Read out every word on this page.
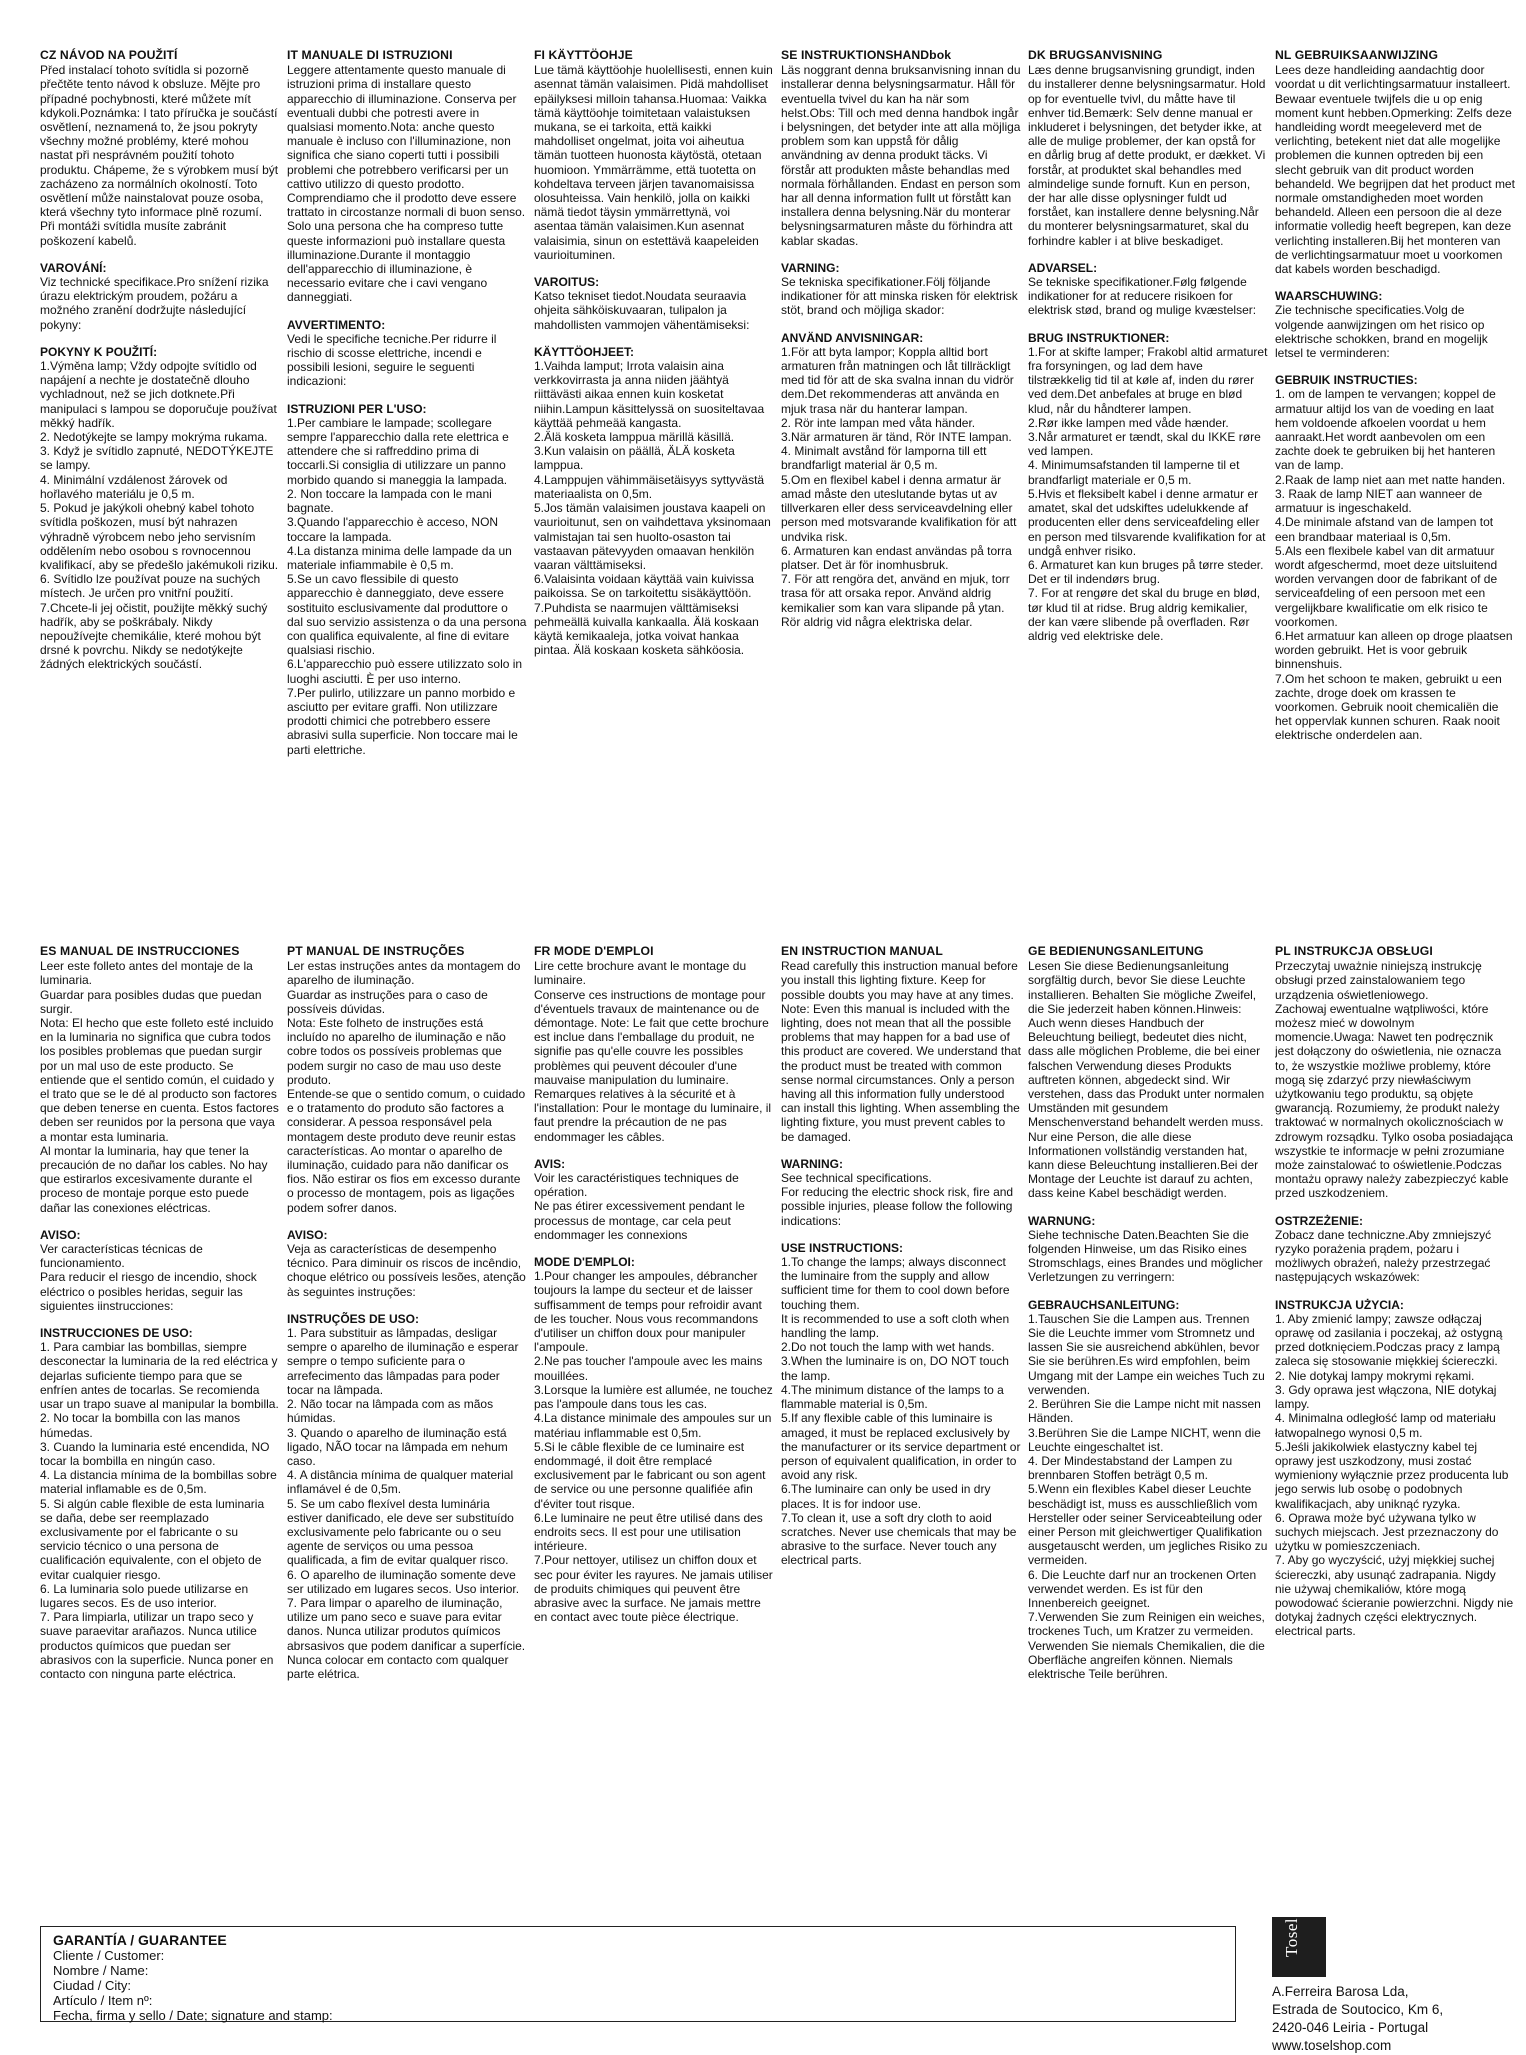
CZ NÁVOD NA POUŽITÍ
Před instalací tohoto svítidla si pozorně přečtěte tento návod k obsluze. Mějte pro případné pochybnosti, které můžete mít kdykoli.Poznámka: I tato příručka je součástí osvětlení, neznamená to, že jsou pokryty všechny možné problémy, které mohou nastat při nesprávném použití tohoto produktu. Chápeme, že s výrobkem musí být zacházeno za normálních okolností. Toto osvětlení může nainstalovat pouze osoba, která všechny tyto informace plně rozumí. Při montáži svítidla musíte zabránit poškození kabelů.
VAROVÁNÍ:
Viz technické specifikace.Pro snížení rizika úrazu elektrickým proudem, požáru a možného zranění dodržujte následující pokyny:
POKYNY K POUŽITÍ:
1.Výměna lamp; Vždy odpojte svítidlo od napájení a nechte je dostatečně dlouho vychladnout, než se jich dotknete.Při manipulaci s lampou se doporučuje používat měkký hadřík.
2. Nedotýkejte se lampy mokrýma rukama.
3. Když je svítidlo zapnuté, NEDOTÝKEJTE se lampy.
4. Minimální vzdálenost žárovek od hořlavého materiálu je 0,5 m.
5. Pokud je jakýkoli ohebný kabel tohoto svítidla poškozen, musí být nahrazen výhradně výrobcem nebo jeho servisním oddělením nebo osobou s rovnocennou kvalifikací, aby se předešlo jakémukoli riziku.
6. Svítidlo lze používat pouze na suchých místech. Je určen pro vnitřní použití.
7.Chcete-li jej očistit, použijte měkký suchý hadřík, aby se poškrábaly. Nikdy nepoužívejte chemikálie, které mohou být drsné k povrchu. Nikdy se nedotýkejte žádných elektrických součástí.
IT MANUALE DI ISTRUZIONI
Leggere attentamente questo manuale di istruzioni prima di installare questo apparecchio di illuminazione. Conserva per eventuali dubbi che potresti avere in qualsiasi momento.Nota: anche questo manuale è incluso con l'illuminazione, non significa che siano coperti tutti i possibili problemi che potrebbero verificarsi per un cattivo utilizzo di questo prodotto. Comprendiamo che il prodotto deve essere trattato in circostanze normali di buon senso. Solo una persona che ha compreso tutte queste informazioni può installare questa illuminazione.Durante il montaggio dell'apparecchio di illuminazione, è necessario evitare che i cavi vengano danneggiati.
AVVERTIMENTO:
Vedi le specifiche tecniche.Per ridurre il rischio di scosse elettriche, incendi e possibili lesioni, seguire le seguenti indicazioni:
ISTRUZIONI PER L'USO:
1.Per cambiare le lampade; scollegare sempre l'apparecchio dalla rete elettrica e attendere che si raffreddino prima di toccarli.Si consiglia di utilizzare un panno morbido quando si maneggia la lampada.
2. Non toccare la lampada con le mani bagnate.
3.Quando l'apparecchio è acceso, NON toccare la lampada.
4.La distanza minima delle lampade da un materiale infiammabile è 0,5 m.
5.Se un cavo flessibile di questo apparecchio è danneggiato, deve essere sostituito esclusivamente dal produttore o dal suo servizio assistenza o da una persona con qualifica equivalente, al fine di evitare qualsiasi rischio.
6.L'apparecchio può essere utilizzato solo in luoghi asciutti. È per uso interno.
7.Per pulirlo, utilizzare un panno morbido e asciutto per evitare graffi. Non utilizzare prodotti chimici che potrebbero essere abrasivi sulla superficie. Non toccare mai le parti elettriche.
FI KÄYTTÖOHJE
Lue tämä käyttöohje huolellisesti, ennen kuin asennat tämän valaisimen. Pidä mahdolliset epäilyksesi milloin tahansa.Huomaa: Vaikka tämä käyttöohje toimitetaan valaistuksen mukana, se ei tarkoita, että kaikki mahdolliset ongelmat, joita voi aiheutua tämän tuotteen huonosta käytöstä, otetaan huomioon. Ymmärrämme, että tuotetta on kohdeltava terveen järjen tavanomaisissa olosuhteissa. Vain henkilö, jolla on kaikki nämä tiedot täysin ymmärrettynä, voi asentaa tämän valaisimen.Kun asennat valaisimia, sinun on estettävä kaapeleiden vaurioituminen.
VAROITUS:
Katso tekniset tiedot.Noudata seuraavia ohjeita sähköiskuvaaran, tulipalon ja mahdollisten vammojen vähentämiseksi:
KÄYTTÖOHJEET:
1.Vaihda lamput; Irrota valaisin aina verkkovirrasta ja anna niiden jäähtyä riittävästi aikaa ennen kuin kosketat niihin.Lampun käsittelyssä on suositeltavaa käyttää pehmeää kangasta.
2.Älä kosketa lamppua märillä käsillä.
3.Kun valaisin on päällä, ÄLÄ kosketa lamppua.
4.Lamppujen vähimmäisetäisyys syttyvästä materiaalista on 0,5m.
5.Jos tämän valaisimen joustava kaapeli on vaurioitunut, sen on vaihdettava yksinomaan valmistajan tai sen huolto-osaston tai vastaavan pätevyyden omaavan henkilön vaaran välttämiseksi.
6.Valaisinta voidaan käyttää vain kuivissa paikoissa. Se on tarkoitettu sisäkäyttöön.
7.Puhdista se naarmujen välttämiseksi pehmeällä kuivalla kankaalla. Älä koskaan käytä kemikaaleja, jotka voivat hankaa pintaa. Älä koskaan kosketa sähköosia.
SE INSTRUKTIONSHANDbok
Läs noggrant denna bruksanvisning innan du installerar denna belysningsarmatur. Håll för eventuella tvivel du kan ha när som helst.Obs: Till och med denna handbok ingår i belysningen, det betyder inte att alla möjliga problem som kan uppstå för dålig användning av denna produkt täcks. Vi förstår att produkten måste behandlas med normala förhållanden. Endast en person som har all denna information fullt ut förstått kan installera denna belysning.När du monterar belysningsarmaturen måste du förhindra att kablar skadas.
VARNING:
Se tekniska specifikationer.Följ följande indikationer för att minska risken för elektrisk stöt, brand och möjliga skador:
ANVÄND ANVISNINGAR:
1.För att byta lampor; Koppla alltid bort armaturen från matningen och låt tillräckligt med tid för att de ska svalna innan du vidrör dem.Det rekommenderas att använda en mjuk trasa när du hanterar lampan.
2. Rör inte lampan med våta händer.
3.När armaturen är tänd, Rör INTE lampan.
4. Minimalt avstånd för lamporna till ett brandfarligt material är 0,5 m.
5.Om en flexibel kabel i denna armatur är amad måste den uteslutande bytas ut av tillverkaren eller dess serviceavdelning eller person med motsvarande kvalifikation för att undvika risk.
6. Armaturen kan endast användas på torra platser. Det är för inomhusbruk.
7. För att rengöra det, använd en mjuk, torr trasa för att orsaka repor. Använd aldrig kemikalier som kan vara slipande på ytan. Rör aldrig vid några elektriska delar.
DK BRUGSANVISNING
Læs denne brugsanvisning grundigt, inden du installerer denne belysningsarmatur. Hold op for eventuelle tvivl, du måtte have til enhver tid.Bemærk: Selv denne manual er inkluderet i belysningen, det betyder ikke, at alle de mulige problemer, der kan opstå for en dårlig brug af dette produkt, er dækket. Vi forstår, at produktet skal behandles med almindelige sunde fornuft. Kun en person, der har alle disse oplysninger fuldt ud forstået, kan installere denne belysning.Når du monterer belysningsarmaturet, skal du forhindre kabler i at blive beskadiget.
ADVARSEL:
Se tekniske specifikationer.Følg følgende indikationer for at reducere risikoen for elektrisk stød, brand og mulige kvæstelser:
BRUG INSTRUKTIONER:
1.For at skifte lamper; Frakobl altid armaturet fra forsyningen, og lad dem have tilstrækkelig tid til at køle af, inden du rører ved dem.Det anbefales at bruge en blød klud, når du håndterer lampen.
2.Rør ikke lampen med våde hænder.
3.Når armaturet er tændt, skal du IKKE røre ved lampen.
4. Minimumsafstanden til lamperne til et brandfarligt materiale er 0,5 m.
5.Hvis et fleksibelt kabel i denne armatur er amatet, skal det udskiftes udelukkende af producenten eller dens serviceafdeling eller en person med tilsvarende kvalifikation for at undgå enhver risiko.
6. Armaturet kan kun bruges på tørre steder. Det er til indendørs brug.
7. For at rengøre det skal du bruge en blød, tør klud til at ridse. Brug aldrig kemikalier, der kan være slibende på overfladen. Rør aldrig ved elektriske dele.
NL GEBRUIKSAANWIJZING
Lees deze handleiding aandachtig door voordat u dit verlichtingsarmatuur installeert. Bewaar eventuele twijfels die u op enig moment kunt hebben.Opmerking: Zelfs deze handleiding wordt meegeleverd met de verlichting, betekent niet dat alle mogelijke problemen die kunnen optreden bij een slecht gebruik van dit product worden behandeld. We begrijpen dat het product met normale omstandigheden moet worden behandeld. Alleen een persoon die al deze informatie volledig heeft begrepen, kan deze verlichting installeren.Bij het monteren van de verlichtingsarmatuur moet u voorkomen dat kabels worden beschadigd.
WAARSCHUWING:
Zie technische specificaties.Volg de volgende aanwijzingen om het risico op elektrische schokken, brand en mogelijk letsel te verminderen:
GEBRUIK INSTRUCTIES:
1. om de lampen te vervangen; koppel de armatuur altijd los van de voeding en laat hem voldoende afkoelen voordat u hem aanraakt.Het wordt aanbevolen om een zachte doek te gebruiken bij het hanteren van de lamp.
2.Raak de lamp niet aan met natte handen.
3. Raak de lamp NIET aan wanneer de armatuur is ingeschakeld.
4.De minimale afstand van de lampen tot een brandbaar materiaal is 0,5m.
5.Als een flexibele kabel van dit armatuur wordt afgeschermd, moet deze uitsluitend worden vervangen door de fabrikant of de serviceafdeling of een persoon met een vergelijkbare kwalificatie om elk risico te voorkomen.
6.Het armatuur kan alleen op droge plaatsen worden gebruikt. Het is voor gebruik binnenshuis.
7.Om het schoon te maken, gebruikt u een zachte, droge doek om krassen te voorkomen. Gebruik nooit chemicaliën die het oppervlak kunnen schuren. Raak nooit elektrische onderdelen aan.
ES MANUAL DE INSTRUCCIONES
Leer este folleto antes del montaje de la luminaria.
Guardar para posibles dudas que puedan surgir.
Nota: El hecho que este folleto esté incluido en la luminaria no significa que cubra todos los posibles problemas que puedan surgir por un mal uso de este producto. Se entiende que el sentido común, el cuidado y el trato que se le dé al producto son factores que deben tenerse en cuenta. Estos factores deben ser reunidos por la persona que vaya a montar esta luminaria.
Al montar la luminaria, hay que tener la precaución de no dañar los cables. No hay que estirarlos excesivamente durante el proceso de montaje porque esto puede dañar las conexiones eléctricas.
AVISO:
Ver características técnicas de funcionamiento.
Para reducir el riesgo de incendio, shock eléctrico o posibles heridas, seguir las siguientes iinstrucciones:
INSTRUCCIONES DE USO:
1. Para cambiar las bombillas, siempre desconectar la luminaria de la red eléctrica y dejarlas suficiente tiempo para que se enfríen antes de tocarlas. Se recomienda usar un trapo suave al manipular la bombilla.
2. No tocar la bombilla con las manos húmedas.
3. Cuando la luminaria esté encendida, NO tocar la bombilla en ningún caso.
4. La distancia mínima de la bombillas sobre material inflamable es de 0,5m.
5. Si algún cable flexible de esta luminaria se daña, debe ser reemplazado exclusivamente por el fabricante o su servicio técnico o una persona de cualificación equivalente, con el objeto de evitar cualquier riesgo.
6. La luminaria solo puede utilizarse en lugares secos. Es de uso interior.
7. Para limpiarla, utilizar un trapo seco y suave paraevitar arañazos. Nunca utilice productos químicos que puedan ser abrasivos con la superficie. Nunca poner en contacto con ninguna parte eléctrica.
PT MANUAL DE INSTRUÇÕES
Ler estas instruções antes da montagem do aparelho de iluminação.
Guardar as instruções para o caso de possíveis dúvidas.
Nota: Este folheto de instruções está incluído no aparelho de iluminação e não cobre todos os possíveis problemas que podem surgir no caso de mau uso deste produto.
Entende-se que o sentido comum, o cuidado e o tratamento do produto são factores a considerar. A pessoa responsável pela montagem deste produto deve reunir estas características. Ao montar o aparelho de iluminação, cuidado para não danificar os fios. Não estirar os fios em excesso durante o processo de montagem, pois as ligações podem sofrer danos.
AVISO:
Veja as características de desempenho técnico. Para diminuir os riscos de incêndio, choque elétrico ou possíveis lesões, atenção às seguintes instruções:
INSTRUÇÕES DE USO:
1. Para substituir as lâmpadas, desligar sempre o aparelho de iluminação e esperar sempre o tempo suficiente para o arrefecimento das lâmpadas para poder tocar na lâmpada.
2. Não tocar na lâmpada com as mãos húmidas.
3. Quando o aparelho de iluminação está ligado, NÃO tocar na lâmpada em nehum caso.
4. A distância mínima de qualquer material inflamável é de 0,5m.
5. Se um cabo flexível desta luminária estiver danificado, ele deve ser substituído exclusivamente pelo fabricante ou o seu agente de serviços ou uma pessoa qualificada, a fim de evitar qualquer risco.
6. O aparelho de iluminação somente deve ser utilizado em lugares secos. Uso interior.
7. Para limpar o aparelho de iluminação, utilize um pano seco e suave para evitar danos. Nunca utilizar produtos químicos abrsasivos que podem danificar a superfície. Nunca colocar em contacto com qualquer parte elétrica.
FR MODE D'EMPLOI
Lire cette brochure avant le montage du luminaire.
Conserve ces instructions de montage pour d'éventuels travaux de maintenance ou de démontage. Note: Le fait que cette brochure est inclue dans l'emballage du produit, ne signifie pas qu'elle couvre les possibles problèmes qui peuvent découler d'une mauvaise manipulation du luminaire.
Remarques relatives à la sécurité et à l'installation: Pour le montage du luminaire, il faut prendre la précaution de ne pas endommager les câbles.
AVIS:
Voir les caractéristiques techniques de opération.
Ne pas étirer excessivement pendant le processus de montage, car cela peut endommager les connexions
MODE D'EMPLOI:
1.Pour changer les ampoules, débrancher toujours la lampe du secteur et de laisser suffisamment de temps pour refroidir avant de les toucher. Nous vous recommandons d'utiliser un chiffon doux pour manipuler l'ampoule.
2.Ne pas toucher l'ampoule avec les mains mouillées.
3.Lorsque la lumière est allumée, ne touchez pas l'ampoule dans tous les cas.
4.La distance minimale des ampoules sur un matériau inflammable est 0,5m.
5.Si le câble flexible de ce luminaire est endommagé, il doit être remplacé exclusivement par le fabricant ou son agent de service ou une personne qualifiée afin d'éviter tout risque.
6.Le luminaire ne peut être utilisé dans des endroits secs. Il est pour une utilisation intérieure.
7.Pour nettoyer, utilisez un chiffon doux et sec pour éviter les rayures. Ne jamais utiliser de produits chimiques qui peuvent être abrasive avec la surface. Ne jamais mettre en contact avec toute pièce électrique.
EN INSTRUCTION MANUAL
Read carefully this instruction manual before you install this lighting fixture. Keep for possible doubts you may have at any times.
Note: Even this manual is included with the lighting, does not mean that all the possible problems that may happen for a bad use of this product are covered. We understand that the product must be treated with common sense normal circumstances. Only a person having all this information fully understood can install this lighting. When assembling the lighting fixture, you must prevent cables to be damaged.
WARNING:
See technical specifications.
For reducing the electric shock risk, fire and possible injuries, please follow the following indications:
USE INSTRUCTIONS:
1.To change the lamps; always disconnect the luminaire from the supply and allow sufficient time for them to cool down before touching them.
It is recommended to use a soft cloth when handling the lamp.
2.Do not touch the lamp with wet hands.
3.When the luminaire is on, DO NOT touch the lamp.
4.The minimum distance of the lamps to a flammable material is 0,5m.
5.If any flexible cable of this luminaire is amaged, it must be replaced exclusively by the manufacturer or its service department or person of equivalent qualification, in order to avoid any risk.
6.The luminaire can only be used in dry places. It is for indoor use.
7.To clean it, use a soft dry cloth to aoid scratches. Never use chemicals that may be abrasive to the surface. Never touch any electrical parts.
GE BEDIENUNGSANLEITUNG
Lesen Sie diese Bedienungsanleitung sorgfältig durch, bevor Sie diese Leuchte installieren. Behalten Sie mögliche Zweifel, die Sie jederzeit haben können.Hinweis: Auch wenn dieses Handbuch der Beleuchtung beiliegt, bedeutet dies nicht, dass alle möglichen Probleme, die bei einer falschen Verwendung dieses Produkts auftreten können, abgedeckt sind. Wir verstehen, dass das Produkt unter normalen Umständen mit gesundem Menschenverstand behandelt werden muss. Nur eine Person, die alle diese Informationen vollständig verstanden hat, kann diese Beleuchtung installieren.Bei der Montage der Leuchte ist darauf zu achten, dass keine Kabel beschädigt werden.
WARNUNG:
Siehe technische Daten.Beachten Sie die folgenden Hinweise, um das Risiko eines Stromschlags, eines Brandes und möglicher Verletzungen zu verringern:
GEBRAUCHSANLEITUNG:
1.Tauschen Sie die Lampen aus. Trennen Sie die Leuchte immer vom Stromnetz und lassen Sie sie ausreichend abkühlen, bevor Sie sie berühren.Es wird empfohlen, beim Umgang mit der Lampe ein weiches Tuch zu verwenden.
2. Berühren Sie die Lampe nicht mit nassen Händen.
3.Berühren Sie die Lampe NICHT, wenn die Leuchte eingeschaltet ist.
4. Der Mindestabstand der Lampen zu brennbaren Stoffen beträgt 0,5 m.
5.Wenn ein flexibles Kabel dieser Leuchte beschädigt ist, muss es ausschließlich vom Hersteller oder seiner Serviceabteilung oder einer Person mit gleichwertiger Qualifikation ausgetauscht werden, um jegliches Risiko zu vermeiden.
6. Die Leuchte darf nur an trockenen Orten verwendet werden. Es ist für den Innenbereich geeignet.
7.Verwenden Sie zum Reinigen ein weiches, trockenes Tuch, um Kratzer zu vermeiden. Verwenden Sie niemals Chemikalien, die die Oberfläche angreifen können. Niemals elektrische Teile berühren.
PL INSTRUKCJA OBSŁUGI
Przeczytaj uważnie niniejszą instrukcję obsługi przed zainstalowaniem tego urządzenia oświetleniowego.
Zachowaj ewentualne wątpliwości, które możesz mieć w dowolnym momencie.Uwaga: Nawet ten podręcznik jest dołączony do oświetlenia, nie oznacza to, że wszystkie możliwe problemy, które mogą się zdarzyć przy niewłaściwym użytkowaniu tego produktu, są objęte gwarancją. Rozumiemy, że produkt należy traktować w normalnych okolicznościach w zdrowym rozsądku. Tylko osoba posiadająca wszystkie te informacje w pełni zrozumiane może zainstalować to oświetlenie.Podczas montażu oprawy należy zabezpieczyć kable przed uszkodzeniem.
OSTRZEŻENIE:
Zobacz dane techniczne.Aby zmniejszyć ryzyko porażenia prądem, pożaru i możliwych obrażeń, należy przestrzegać następujących wskazówek:
INSTRUKCJA UŻYCIA:
1. Aby zmienić lampy; zawsze odłączaj oprawę od zasilania i poczekaj, aż ostygną przed dotknięciem.Podczas pracy z lampą zaleca się stosowanie miękkiej ściereczki.
2. Nie dotykaj lampy mokrymi rękami.
3. Gdy oprawa jest włączona, NIE dotykaj lampy.
4. Minimalna odległość lamp od materiału łatwopalnego wynosi 0,5 m.
5.Jeśli jakikolwiek elastyczny kabel tej oprawy jest uszkodzony, musi zostać wymieniony wyłącznie przez producenta lub jego serwis lub osobę o podobnych kwalifikacjach, aby uniknąć ryzyka.
6. Oprawa może być używana tylko w suchych miejscach. Jest przeznaczony do użytku w pomieszczeniach.
7. Aby go wyczyścić, użyj miękkiej suchej ściereczki, aby usunąć zadrapania. Nigdy nie używaj chemikaliów, które mogą powodować ścieranie powierzchni. Nigdy nie dotykaj żadnych części elektrycznych. electrical parts.
GARANTÍA / GUARANTEE
Cliente / Customer:
Nombre / Name:
Ciudad / City:
Artículo / Item nº:
Fecha, firma y sello / Date; signature and stamp:
Tosel
A.Ferreira Barosa Lda,
Estrada de Soutocico, Km 6,
2420-046 Leiria - Portugal
www.toselshop.com
